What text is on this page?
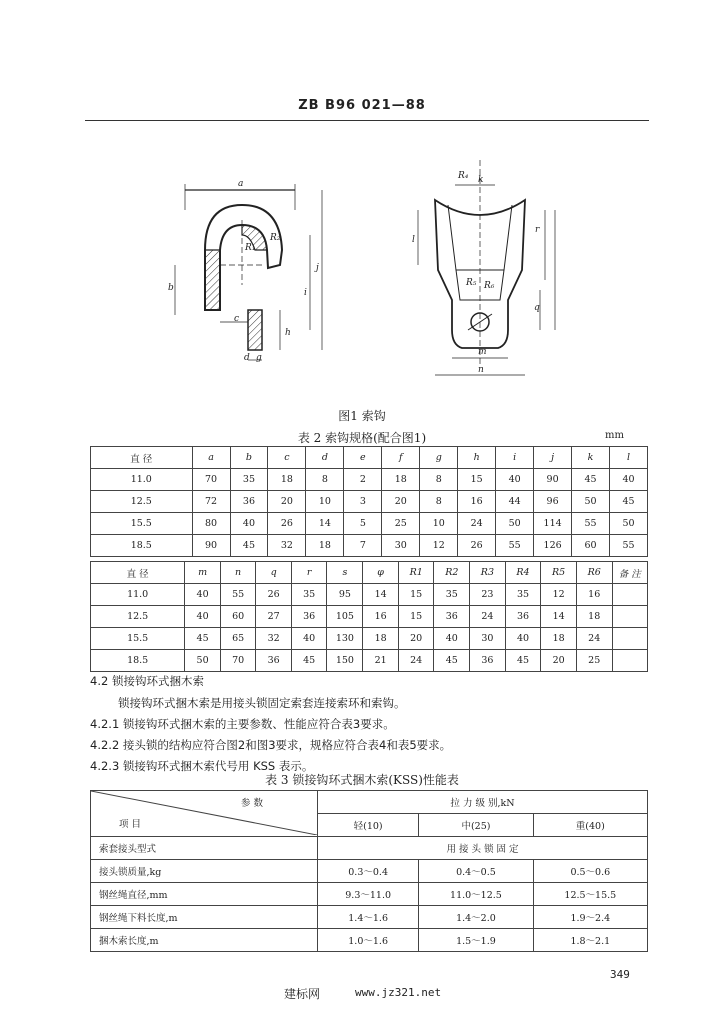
ZB B96 021—88
a
b
c
d g
h
i
j
R₂
R₁
m
n
l
r
q
k
R₄
R₅ R₆
图1 索钩
表 2 索钩规格(配合图1)	mm
直 径	a	b	c	d	e	f	g	h	i	j	k	l
11.0	70	35	18	8	2	18	8	15	40	90	45	40
12.5	72	36	20	10	3	20	8	16	44	96	50	45
15.5	80	40	26	14	5	25	10	24	50	114	55	50
18.5	90	45	32	18	7	30	12	26	55	126	60	55
直 径	m	n	q	r	s	φ	R1	R2	R3	R4	R5	R6	备 注
11.0	40	55	26	35	95	14	15	35	23	35	12	16	
12.5	40	60	27	36	105	16	15	36	24	36	14	18	
15.5	45	65	32	40	130	18	20	40	30	40	18	24	
18.5	50	70	36	45	150	21	24	45	36	45	20	25	
4.2 锁接钩环式捆木索
锁接钩环式捆木索是用接头锁固定索套连接索环和索钩。
4.2.1 锁接钩环式捆木索的主要参数、性能应符合表3要求。
4.2.2 接头锁的结构应符合图2和图3要求，规格应符合表4和表5要求。
4.2.3 锁接钩环式捆木索代号用 KSS 表示。
表 3 锁接钩环式捆木索(KSS)性能表
参 数
项 目	拉 力 级 别,kN		
	轻(10)	中(25)	重(40)
索套接头型式	用 接 头 锁 固 定		
接头锁质量,kg	0.3～0.4	0.4～0.5	0.5～0.6
钢丝绳直径,mm	9.3～11.0	11.0～12.5	12.5～15.5
钢丝绳下料长度,m	1.4～1.6	1.4～2.0	1.9～2.4
捆木索长度,m	1.0～1.6	1.5～1.9	1.8～2.1
349
建标网	www.jz321.net
